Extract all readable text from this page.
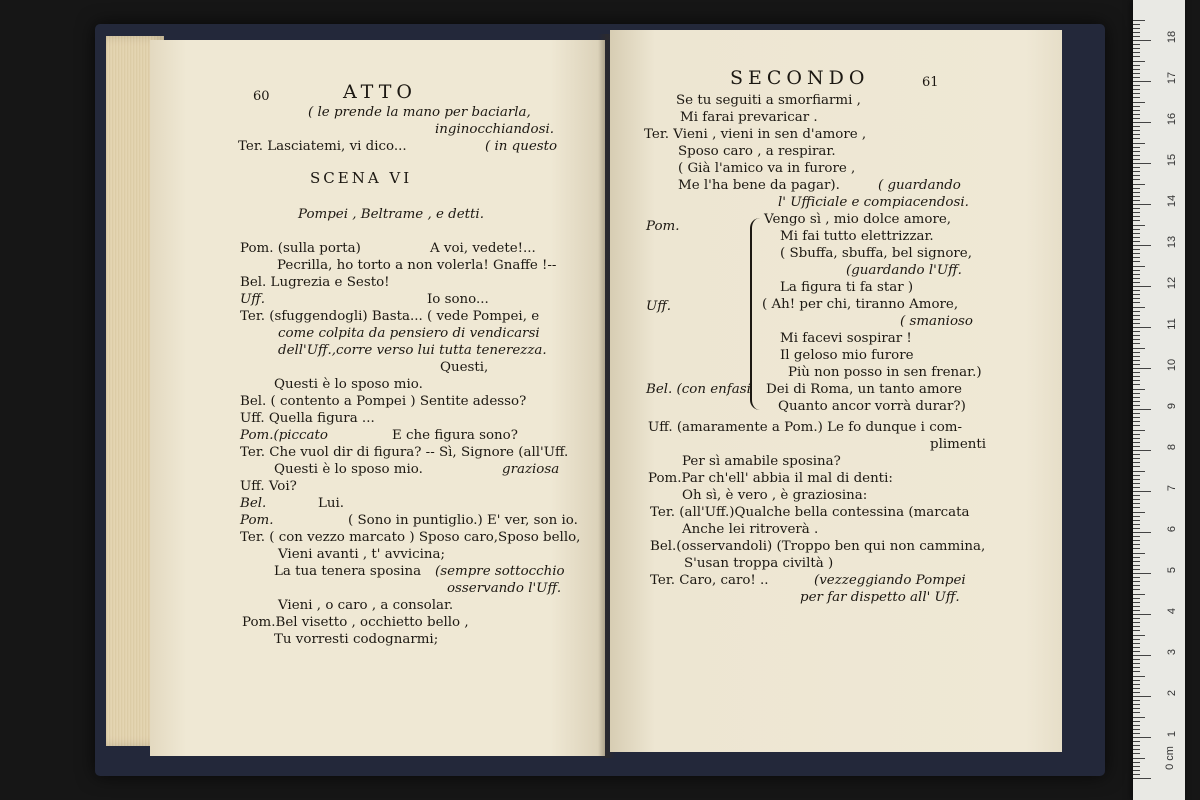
60	ATTO
( le prende la mano per baciarla,
inginocchiandosi.
Ter. Lasciatemi, vi dico...	( in questo
SCENA VI
Pompei , Beltrame , e detti.
Pom. (sulla porta)	A voi, vedete!...
Pecrilla, ho torto a non volerla! Gnaffe !--
Bel. Lugrezia e Sesto!
Uff.	Io sono...
Ter. (sfuggendogli) Basta... ( vede Pompei, e
come colpita da pensiero di vendicarsi
dell'Uff.,corre verso lui tutta tenerezza.
Questi,
Questi è lo sposo mio.
Bel. ( contento a Pompei ) Sentite adesso?
Uff. Quella figura ...
Pom.(piccato	E che figura sono?
Ter. Che vuol dir di figura? -- Sì, Signore (all'Uff.
Questi è lo sposo mio.	graziosa
Uff. Voi?
Bel.	Lui.
Pom.	( Sono in puntiglio.) E' ver, son io.
Ter. ( con vezzo marcato ) Sposo caro,Sposo bello,
Vieni avanti , t' avvicina;
La tua tenera sposina (sempre sottocchio
osservando l'Uff.
Vieni , o caro , a consolar.
Pom.Bel visetto , occhietto bello ,
Tu vorresti codognarmi;
SECONDO	61
Se tu seguiti a smorfiarmi ,
Mi farai prevaricar .
Ter. Vieni , vieni in sen d'amore ,
Sposo caro , a respirar.
( Già l'amico va in furore ,
Me l'ha bene da pagar).	( guardando
l' Ufficiale e compiacendosi.
Pom.	Vengo sì , mio dolce amore,
Mi fai tutto elettrizzar.
( Sbuffa, sbuffa, bel signore,
(guardando l'Uff.
La figura ti fa star )
Uff.	( Ah! per chi, tiranno Amore,
( smanioso
Mi facevi sospirar !
Il geloso mio furore
Più non posso in sen frenar.)
Bel. (con enfasi Dei di Roma, un tanto amore
Quanto ancor vorrà durar?)
Uff. (amaramente a Pom.) Le fo dunque i com-
plimenti
Per sì amabile sposina?
Pom.Par ch'ell' abbia il mal di denti:
Oh sì, è vero , è graziosina:
Ter. (all'Uff.)Qualche bella contessina (marcata
Anche lei ritroverà .
Bel.(osservandoli) (Troppo ben qui non cammina,
S'usan troppa civiltà )
Ter. Caro, caro! ..	(vezzeggiando Pompei
per far dispetto all' Uff.
0 cm
1
2
3
4
5
6
7
8
9
10
11
12
13
14
15
16
17
18
